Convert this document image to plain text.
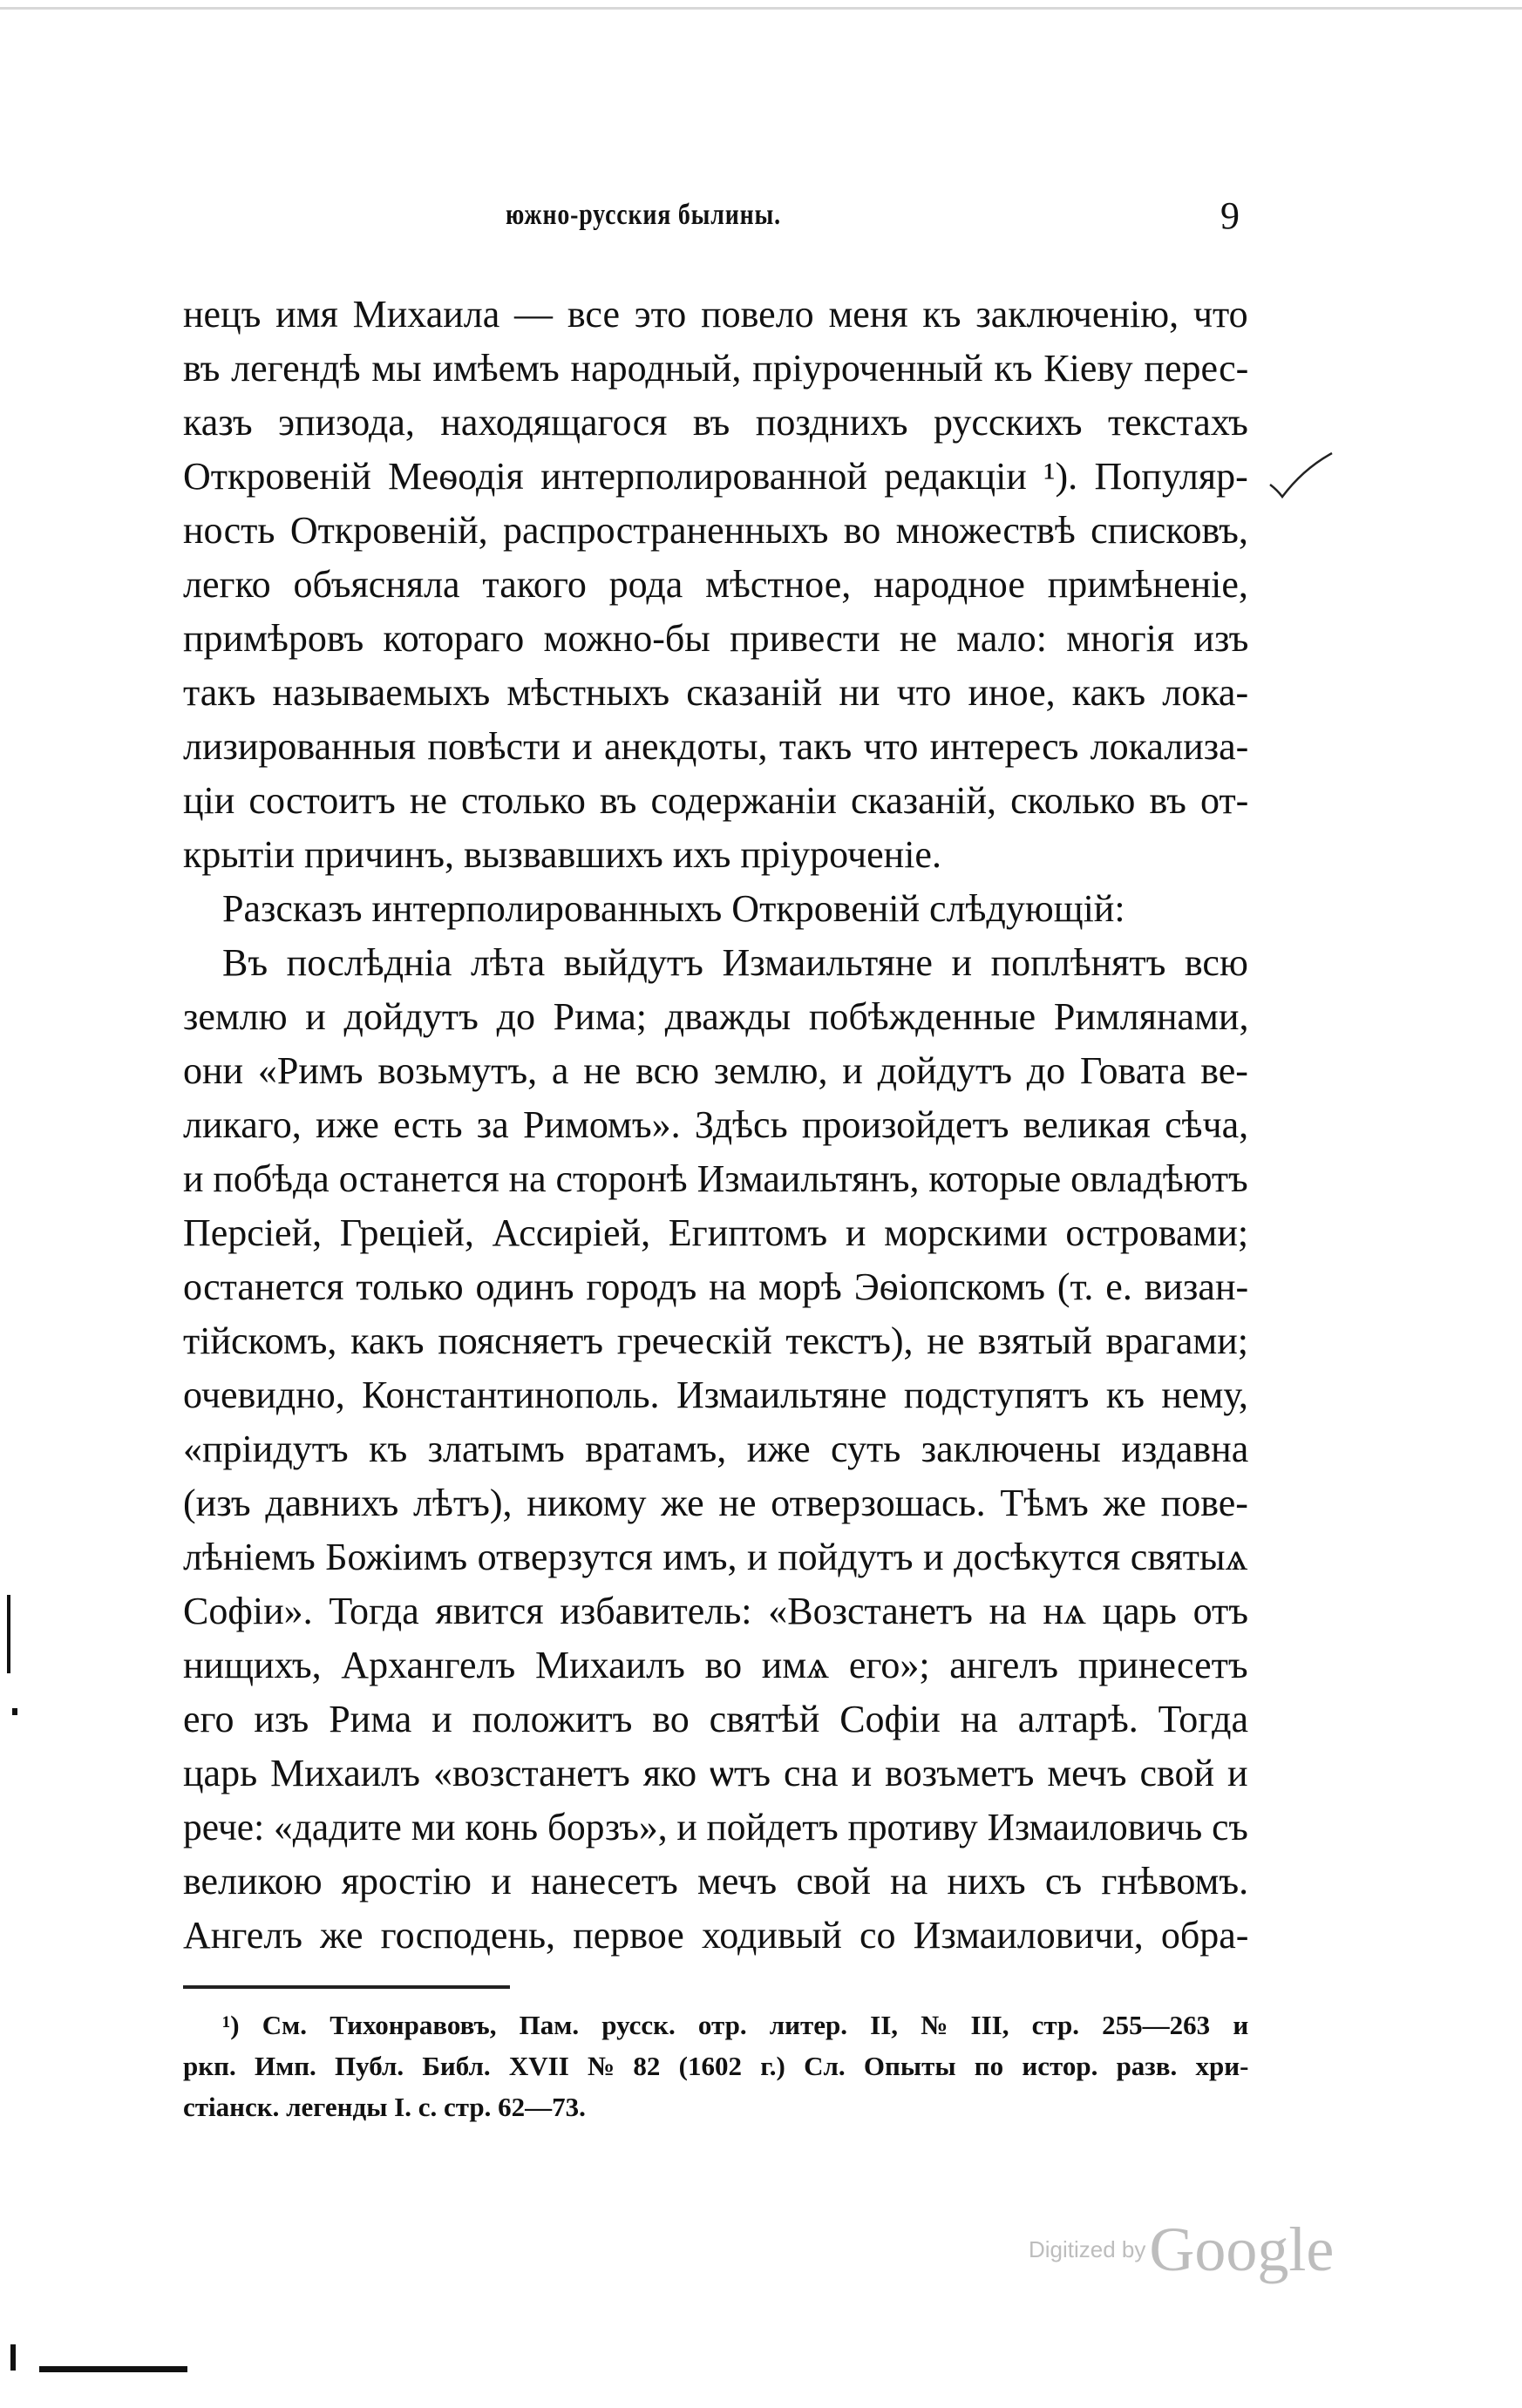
южно-русския былины.	9
нецъ имя Михаила — все это повело меня къ заключенію, что
въ легендѣ мы имѣемъ народный, пріуроченный къ Кіеву перес-
казъ эпизода, находящагося въ позднихъ русскихъ текстахъ
Откровеній Меѳодія интерполированной редакціи ¹). Популяр-
ность Откровеній, распространенныхъ во множествѣ списковъ,
легко объясняла такого рода мѣстное, народное примѣненіе,
примѣровъ котораго можно-бы привести не мало: многія изъ
такъ называемыхъ мѣстныхъ сказаній ни что иное, какъ лока-
лизированныя повѣсти и анекдоты, такъ что интересъ локализа-
ціи состоитъ не столько въ содержаніи сказаній, сколько въ от-
крытіи причинъ, вызвавшихъ ихъ пріуроченіе.
Разсказъ интерполированныхъ Откровеній слѣдующій:
Въ послѣдніа лѣта выйдутъ Измаильтяне и поплѣнятъ всю
землю и дойдутъ до Рима; дважды побѣжденные Римлянами,
они «Римъ возьмутъ, а не всю землю, и дойдутъ до Говата ве-
ликаго, иже есть за Римомъ». Здѣсь произойдетъ великая сѣча,
и побѣда останется на сторонѣ Измаильтянъ, которые овладѣютъ
Персіей, Греціей, Ассиріей, Египтомъ и морскими островами;
останется только одинъ городъ на морѣ Эѳіопскомъ (т. е. визан-
тійскомъ, какъ поясняетъ греческій текстъ), не взятый врагами;
очевидно, Константинополь. Измаильтяне подступятъ къ нему,
«пріидутъ къ златымъ вратамъ, иже суть заключены издавна
(изъ давнихъ лѣтъ), никому же не отверзошась. Тѣмъ же пове-
лѣніемъ Божіимъ отверзутся имъ, и пойдутъ и досѣкутся святыѧ
Софіи». Тогда явится избавитель: «Возстанетъ на нѧ царь отъ
нищихъ, Архангелъ Михаилъ во имѧ его»; ангелъ принесетъ
его изъ Рима и положитъ во святѣй Софіи на алтарѣ. Тогда
царь Михаилъ «возстанетъ яко ѡтъ сна и возъметъ мечъ свой и
рече: «дадите ми конь борзъ», и пойдетъ противу Измаиловичь съ
великою яростію и нанесетъ мечъ свой на нихъ съ гнѣвомъ.
Ангелъ же господень, первое ходивый со Измаиловичи, обра-
¹) См. Тихонравовъ, Пам. русск. отр. литер. II, № III, стр. 255—263 и
ркп. Имп. Публ. Библ. XVII № 82 (1602 г.) Сл. Опыты по истор. разв. хри-
стіанск. легенды I. с. стр. 62—73.
Digitized by Google
